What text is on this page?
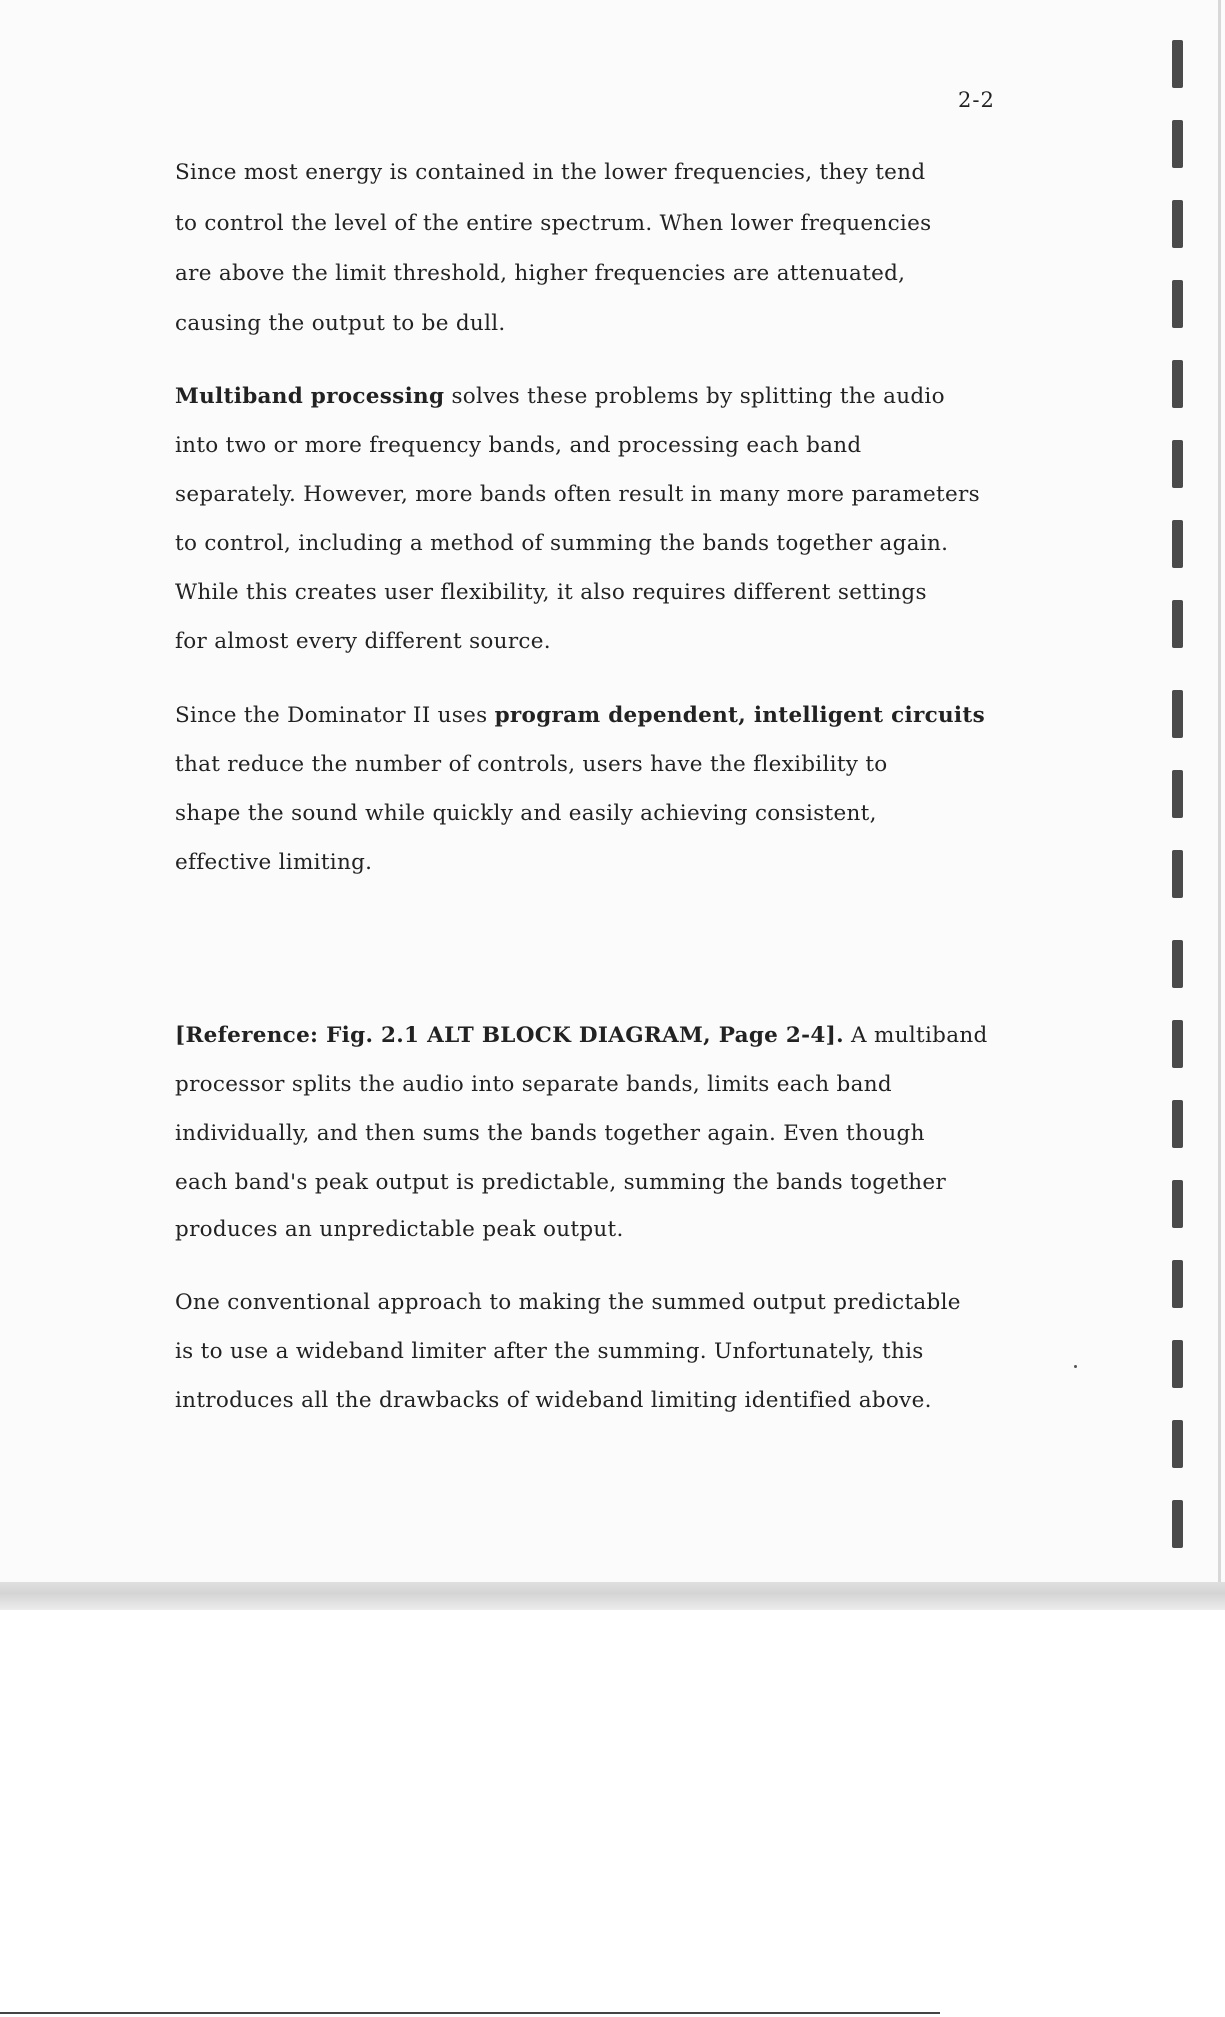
2-2
Since most energy is contained in the lower frequencies, they tend
to control the level of the entire spectrum. When lower frequencies
are above the limit threshold, higher frequencies are attenuated,
causing the output to be dull.
Multiband processing solves these problems by splitting the audio
into two or more frequency bands, and processing each band
separately. However, more bands often result in many more parameters
to control, including a method of summing the bands together again.
While this creates user flexibility, it also requires different settings
for almost every different source.
Since the Dominator II uses program dependent, intelligent circuits
that reduce the number of controls, users have the flexibility to
shape the sound while quickly and easily achieving consistent,
effective limiting.
[Reference: Fig. 2.1 ALT BLOCK DIAGRAM, Page 2-4]. A multiband
processor splits the audio into separate bands, limits each band
individually, and then sums the bands together again. Even though
each band's peak output is predictable, summing the bands together
produces an unpredictable peak output.
One conventional approach to making the summed output predictable
is to use a wideband limiter after the summing. Unfortunately, this
introduces all the drawbacks of wideband limiting identified above.
